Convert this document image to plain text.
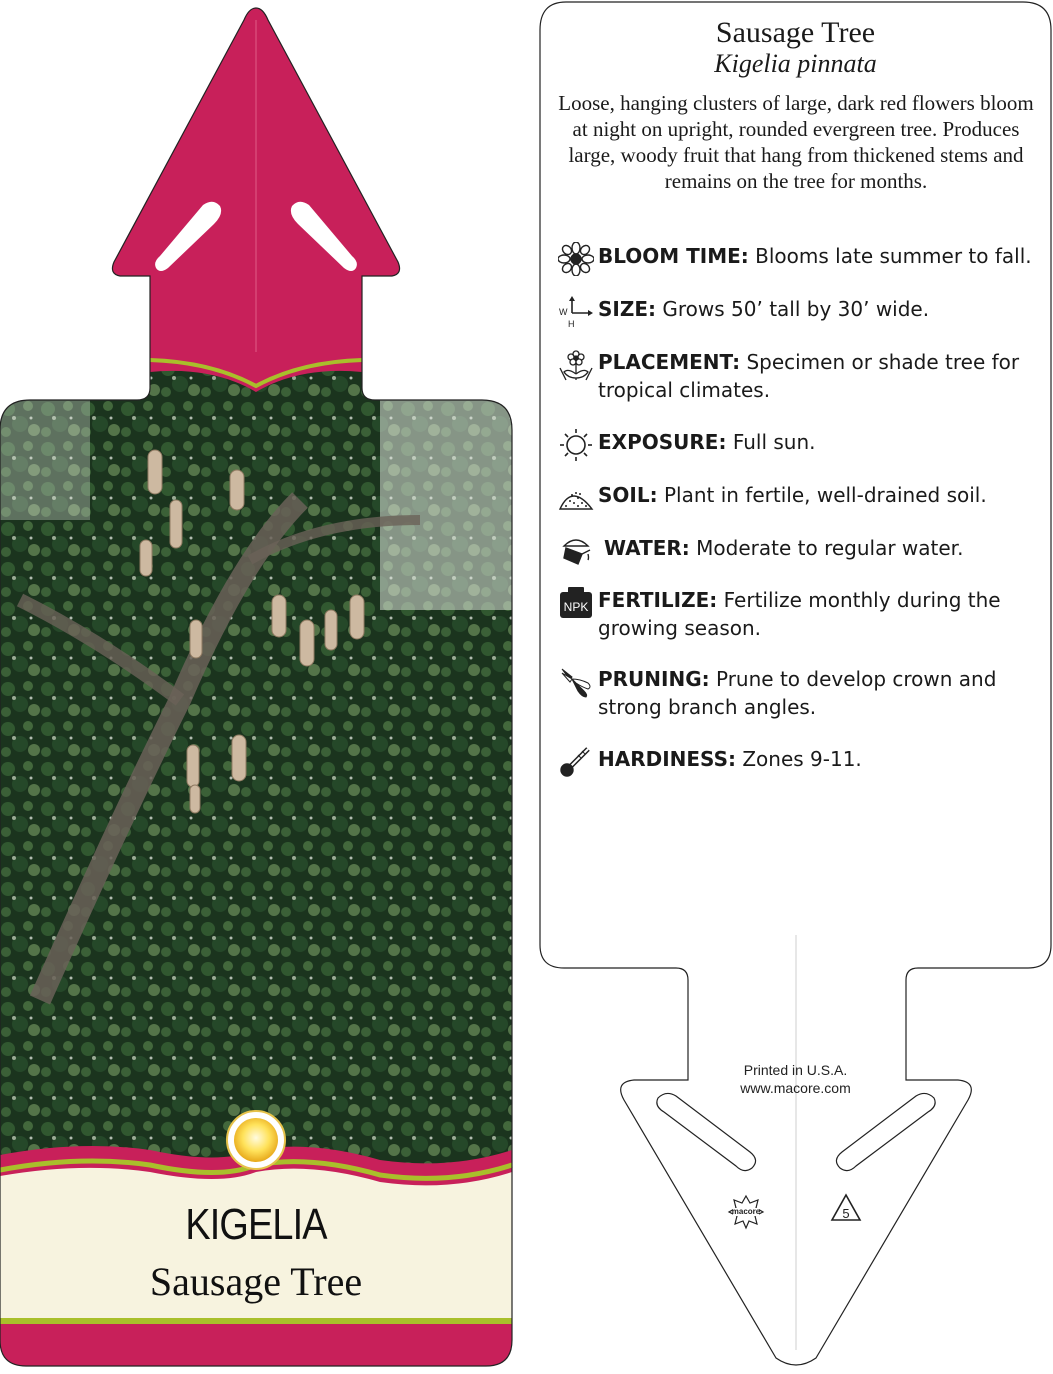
KIGELIA
Sausage Tree
macore	5
Sausage Tree
Kigelia pinnata
Loose, hanging clusters of large, dark red flowers bloom at night on upright, rounded evergreen tree. Produces large, woody fruit that hang from thickened stems and remains on the tree for months.
BLOOM TIME: Blooms late summer to fall.
W
H
SIZE: Grows 50’ tall by 30’ wide.
PLACEMENT: Specimen or shade tree for tropical climates.
EXPOSURE: Full sun.
SOIL: Plant in fertile, well-drained soil.
WATER: Moderate to regular water.
NPK FERTILIZE: Fertilize monthly during the growing season.
PRUNING: Prune to develop crown and strong branch angles.
HARDINESS: Zones 9-11.
Printed in U.S.A.
www.macore.com
